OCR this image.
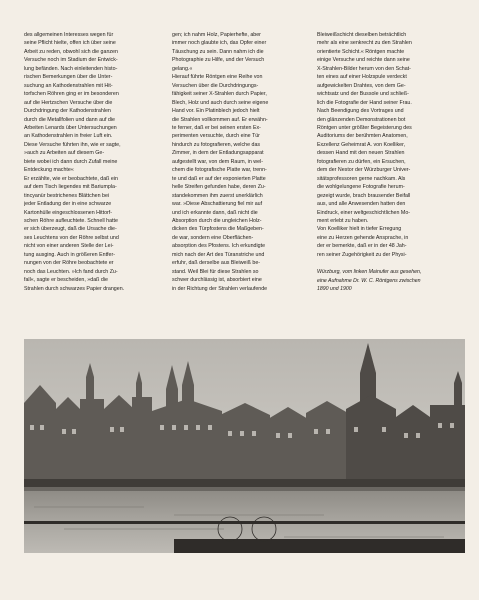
des allgemeinen Interesses wegen für
seine Pflicht hielte, offen ich über seine
Arbeit zu reden, obwohl sich die ganzen
Versuche noch im Stadium der Entwick-
lung befänden. Nach einleitenden histo-
rischen Bemerkungen über die Unter-
suchung an Kathodenstrahlen mit Hit-
torfschen Röhren ging er im besonderen
auf die Hertzschen Versuche über die
Durchdringung der Kathodenstrahlen
durch die Metallfolien und dann auf die
Arbeiten Lenards über Untersuchungen
an Kathodenstrahlen in freier Luft ein.
Diese Versuche führten ihn, wie er sagte,
»auch zu Arbeiten auf diesem Ge-
biete wobei ich dann durch Zufall meine
Entdeckung machte«
Er erzählte, wie er beobachtete, daß ein
auf dem Tisch liegendes mit Bariumpla-
tincyanür bestrichenes Blättchen bei
jeder Entladung der in eine schwarze
Kartonhülle eingeschlossenen Hittorf-
schen Röhre aufleuchtete. Schnell hatte
er sich überzeugt, daß die Ursache die-
ses Leuchtens von der Röhre selbst und
nicht von einer anderen Stelle der Lei-
tung ausging. Auch in größeren Entfer-
nungen von der Röhre beobachtete er
noch das Leuchten. »Ich fand durch Zu-
fall«, sagte er bescheiden, »daß die
Strahlen durch schwarzes Papier drangen.
gen; ich nahm Holz, Papierhefte, aber
immer noch glaubte ich, das Opfer einer
Täuschung zu sein. Dann nahm ich die
Photographie zu Hilfe, und der Versuch
gelang.«
Hierauf führte Röntgen eine Reihe von
Versuchen über die Durchdringungs-
fähigkeit seiner X-Strahlen durch Papier,
Blech, Holz und auch durch seine eigene
Hand vor. Ein Platinblech jedoch hielt
die Strahlen vollkommen auf. Er erwähn-
te ferner, daß er bei seinen ersten Ex-
perimenten versuchte, durch eine Tür
hindurch zu fotografieren, welche das
Zimmer, in dem der Entladungsapparat
aufgestellt war, von dem Raum, in wel-
chem die fotografische Platte war, trenn-
te und daß er auf der exponierten Platte
helle Streifen gefunden habe, deren Zu-
standekommen ihm zuerst unerklärlich
war. »Diese Abschattierung fiel mir auf
und ich erkannte dann, daß nicht die
Absorption durch die ungleichen Holz-
dicken des Türpfostens die Maßgeben-
de war, sondern eine Oberflächen-
absorption des Pfostens. Ich erkundigte
mich nach der Art des Türanstriche und
erfuhr, daß derselbe aus Bleiweiß be-
stand. Weil Blei für diese Strahlen so
schwer durchlässig ist, absorbiert eine
in der Richtung der Strahlen verlaufende
Bleiweißschicht dieselben beträchtlich
mehr als eine senkrecht zu den Strahlen
orientierte Schicht.« Röntgen machte
einige Versuche und reichte dann seine
X-Strahlen-Bilder herum von den Schat-
ten eines auf einer Holzspule verdeckt
aufgewickelten Drahtes, von dem Ge-
wichtsatz und der Bussole und schließ-
lich die Fotografie der Hand seiner Frau.
Nach Beendigung des Vortrages und
den glänzenden Demonstrationen bot
Röntgen unter größter Begeisterung des
Auditoriums der berühmten Anatomen,
Exzellenz Geheimrat A. von Koelliker,
dessen Hand mit den neuen Strahlen
fotografieren zu dürfen, ein Ersuchen,
dem der Nestor der Würzburger Univer-
sitätsprofessoren gerne nachkam. Als
die wohlgelungene Fotografie herum-
gezeigt wurde, brach brausender Beifall
aus, und alle Anwesenden hatten den
Eindruck, einer weltgeschichtlichen Mo-
ment erlebt zu haben.
Von Koelliker hielt in tiefer Erregung
eine zu Herzen gehende Ansprache, in
der er bemerkte, daß er in der 48 Jah-
ren seiner Zugehörigkeit zu der Physi-
Würzburg, vom linken Mainufer aus gesehen,
eine Aufnahme Dr. W. C. Röntgens zwischen
1890 und 1900
